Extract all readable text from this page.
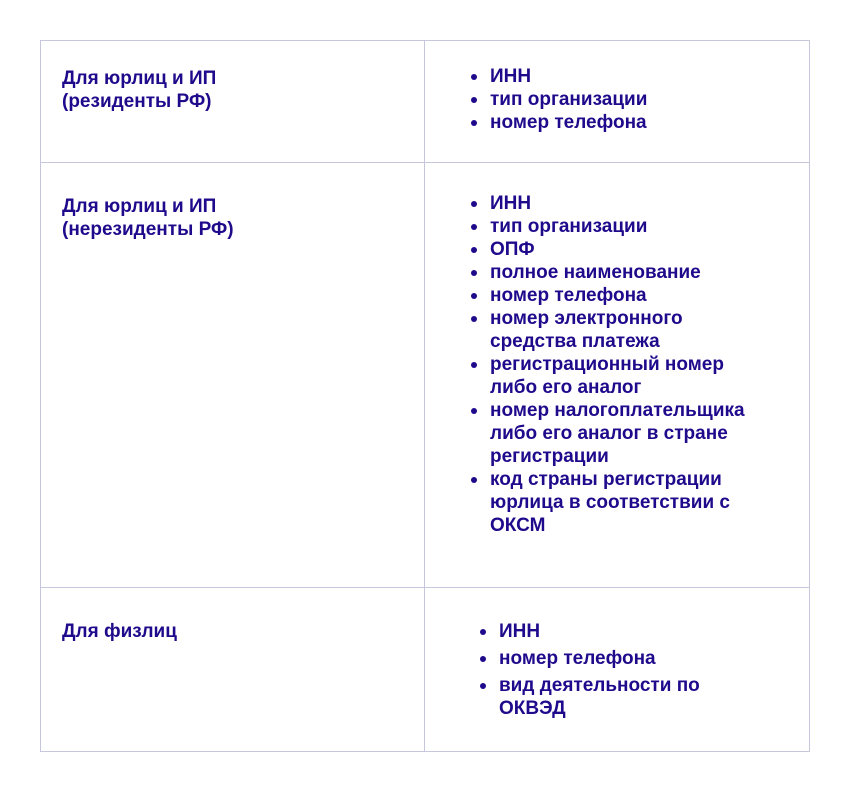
Для юрлиц и ИП
(резиденты РФ)
ИНН
тип организации
номер телефона
Для юрлиц и ИП
(нерезиденты РФ)
ИНН
тип организации
ОПФ
полное наименование
номер телефона
номер электронного средства платежа
регистрационный номер либо его аналог
номер налогоплательщика либо его аналог в стране регистрации
код страны регистрации юрлица в соответствии с ОКСМ
Для физлиц	ИНН
номер телефона
вид деятельности по ОКВЭД
